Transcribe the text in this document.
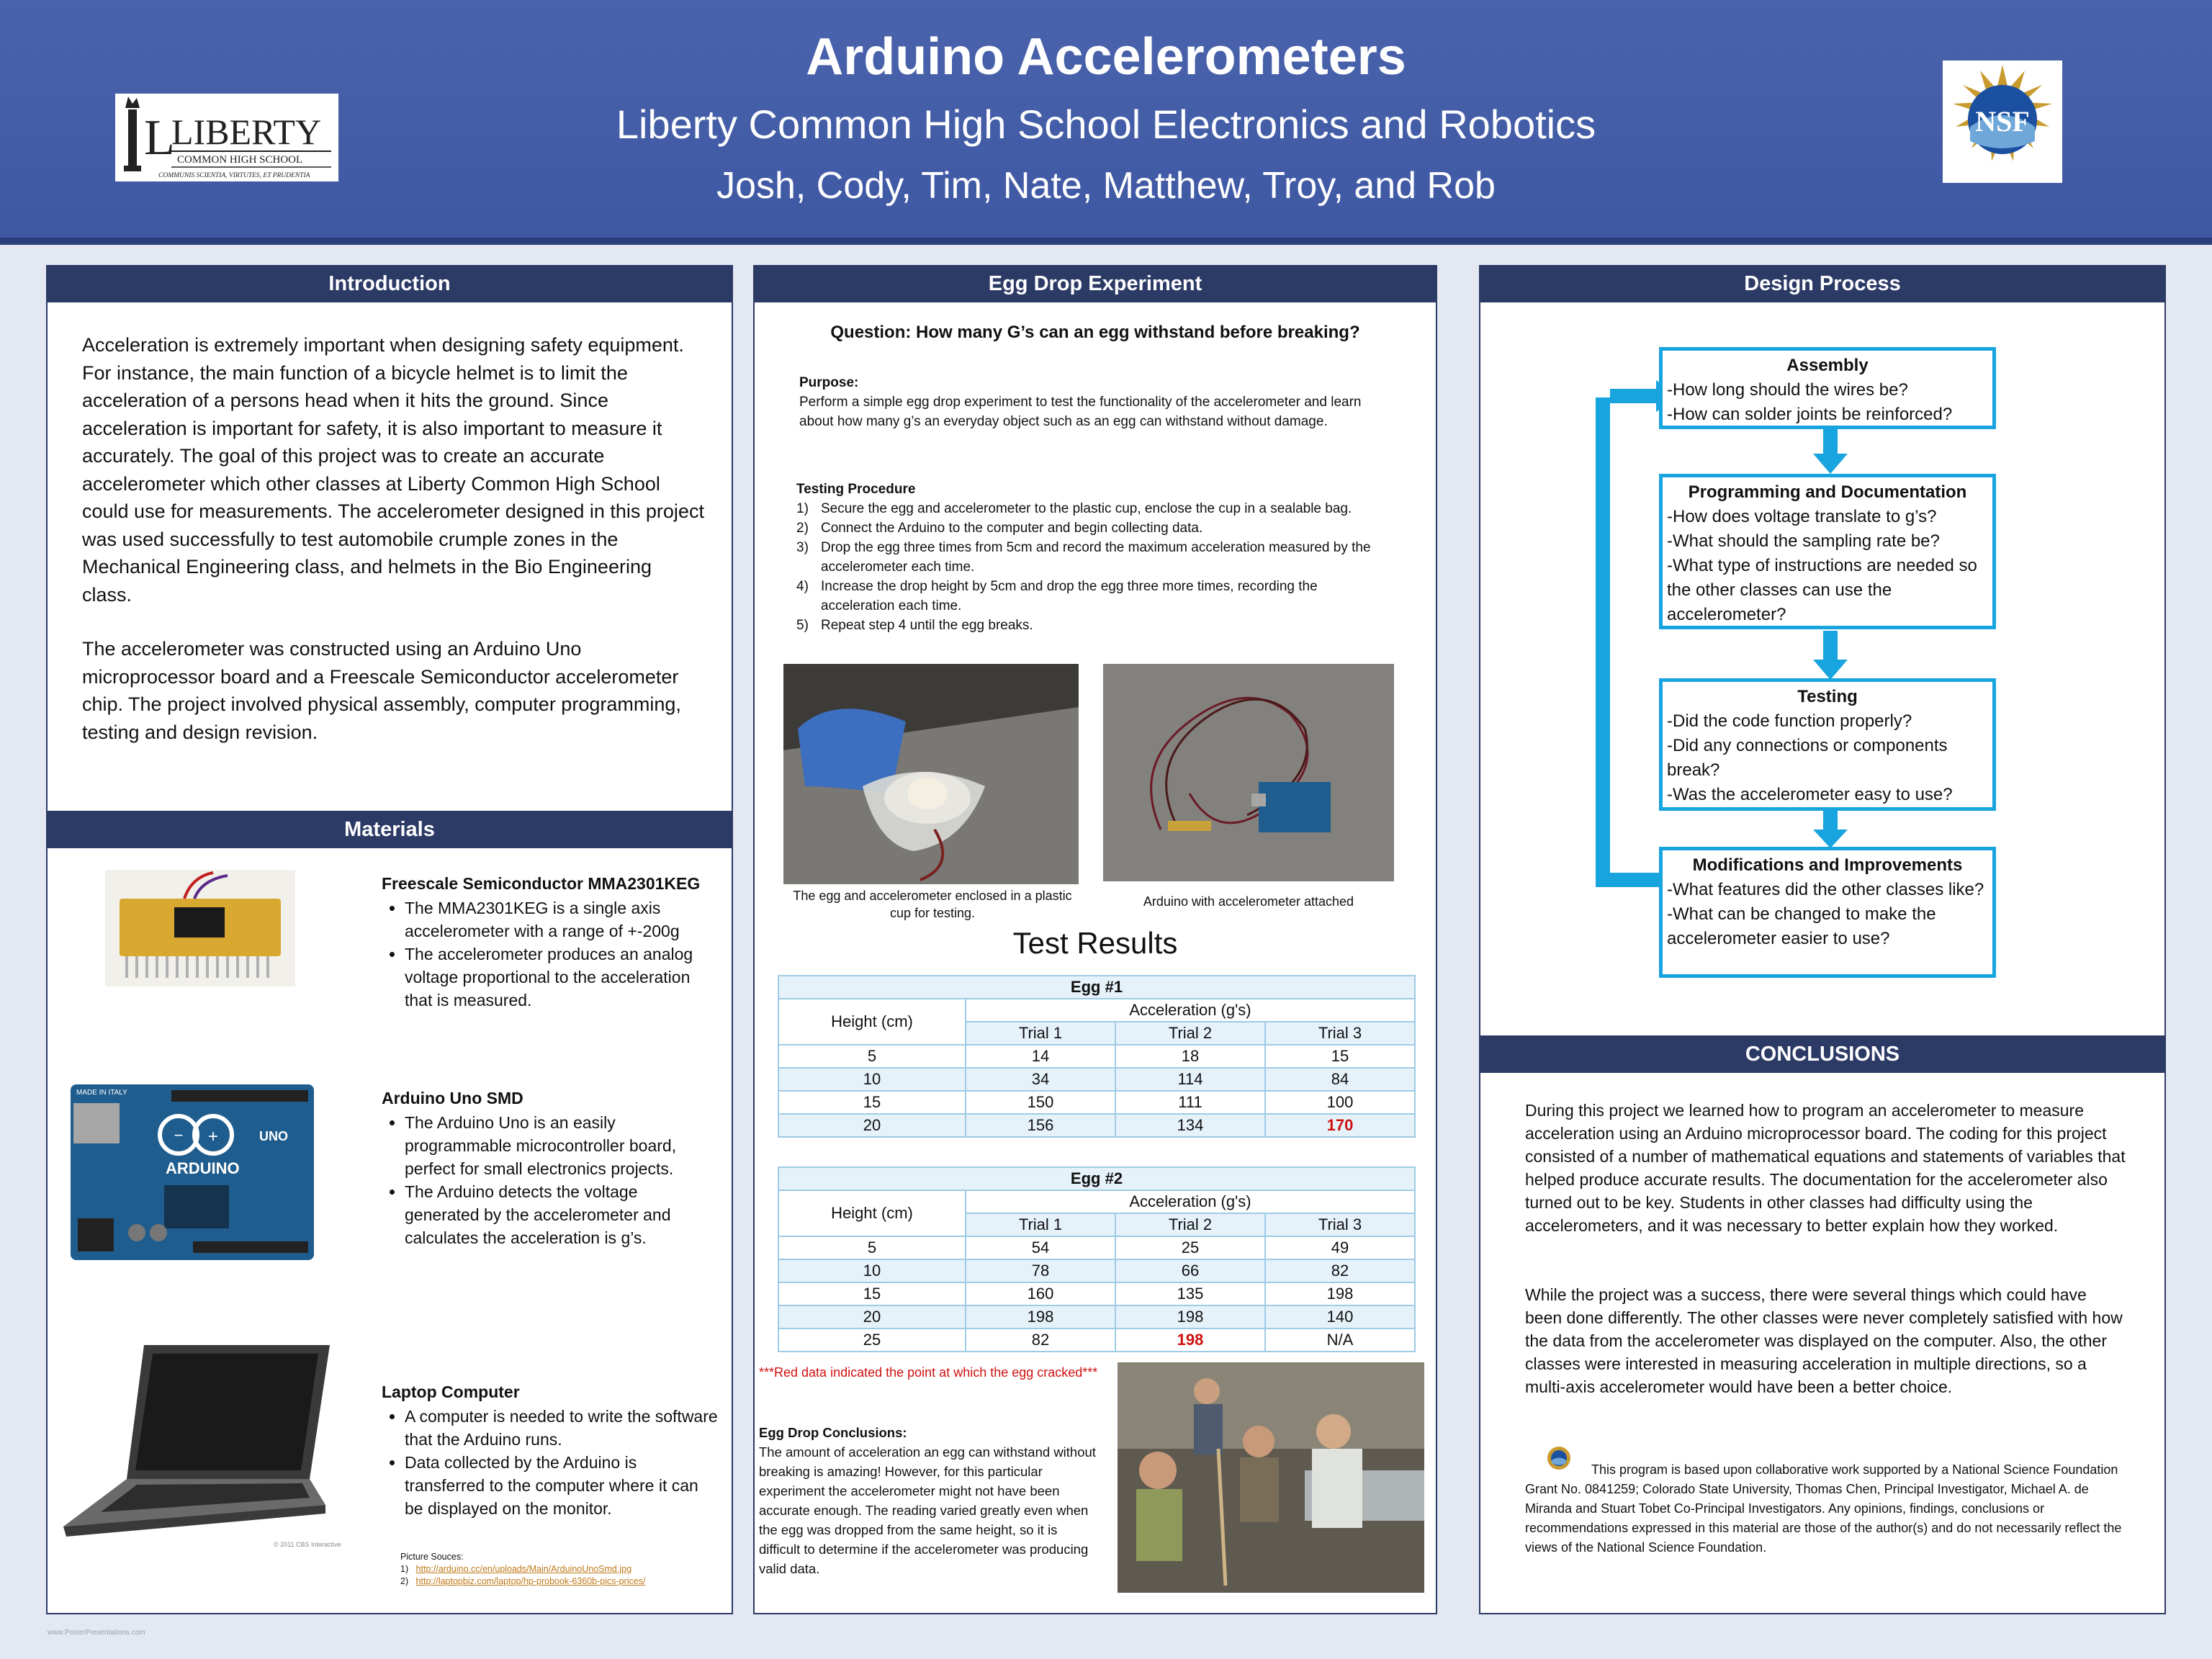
Arduino Accelerometers
Liberty Common High School Electronics and Robotics
Josh, Cody, Tim, Nate, Matthew, Troy, and Rob
L
LIBERTY
COMMON HIGH SCHOOL
COMMUNIS SCIENTIA, VIRTUTES, ET PRUDENTIA
NSF
Introduction
Acceleration is extremely important when designing safety equipment. For instance, the main function of a bicycle helmet is to limit the acceleration of a persons head when it hits the ground. Since acceleration is important for safety, it is also important to measure it accurately. The goal of this project was to create an accurate accelerometer which other classes at Liberty Common High School could use for measurements. The accelerometer designed in this project was used successfully to test automobile crumple zones in the Mechanical Engineering class, and helmets in the Bio Engineering class.
The accelerometer was constructed using an Arduino Uno microprocessor board and a Freescale Semiconductor accelerometer chip. The project involved physical assembly, computer programming, testing and design revision.
Materials
Freescale Semiconductor MMA2301KEG
• The MMA2301KEG is a single axis accelerometer with a range of +-200g
• The accelerometer produces an analog voltage proportional to the acceleration that is measured.
− +
ARDUINO
UNO
MADE IN ITALY	Arduino Uno SMD
• The Arduino Uno is an easily programmable microcontroller board, perfect for small electronics projects.
• The Arduino detects the voltage generated by the accelerometer and calculates the acceleration is g’s.
© 2011 CBS Interactive
Laptop Computer
• A computer is needed to write the software that the Arduino runs.
• Data collected by the Arduino is transferred to the computer where it can be displayed on the monitor.
Picture Souces:
1)   http://arduino.cc/en/uploads/Main/ArduinoUnoSmd.jpg
2)   http://laptopbiz.com/laptop/hp-probook-6360b-pics-prices/
Egg Drop Experiment
Question: How many G’s can an egg withstand before breaking?
Purpose:
Perform a simple egg drop experiment to test the functionality of the accelerometer and learn about how many g’s an everyday object such as an egg can withstand without damage.
Testing Procedure
1) Secure the egg and accelerometer to the plastic cup, enclose the cup in a sealable bag.
2) Connect the Arduino to the computer and begin collecting data.
3) Drop the egg three times from 5cm and record the maximum acceleration measured by the accelerometer each time.
4) Increase the drop height by 5cm and drop the egg three more times, recording the acceleration each time.
5) Repeat step 4 until the egg breaks.
The egg and accelerometer enclosed in a plastic cup for testing.
Arduino with accelerometer attached
Test Results
Egg #1			
Height (cm)	Acceleration (g's)		
	Trial 1	Trial 2	Trial 3
5	14	18	15
10	34	114	84
15	150	111	100
20	156	134	170
Egg #2			
Height (cm)	Acceleration (g's)		
	Trial 1	Trial 2	Trial 3
5	54	25	49
10	78	66	82
15	160	135	198
20	198	198	140
25	82	198	N/A
***Red data indicated the point at which the egg cracked***
Egg Drop Conclusions:
The amount of acceleration an egg can withstand without breaking is amazing! However, for this particular experiment the accelerometer might not have been accurate enough. The reading varied greatly even when the egg was dropped from the same height, so it is difficult to determine if the accelerometer was producing valid data.
Design Process
Assembly
-How long should the wires be?
-How can solder joints be reinforced?
Programming and Documentation
-How does voltage translate to g’s?
-What should the sampling rate be?
-What type of instructions are needed so the other classes can use the accelerometer?
Testing
-Did the code function properly?
-Did any connections or components break?
-Was the accelerometer easy to use?
Modifications and Improvements
-What features did the other classes like?
-What can be changed to make the accelerometer easier to use?
CONCLUSIONS
During this project we learned how to program an accelerometer to measure acceleration using an Arduino microprocessor board. The coding for this project consisted of a number of mathematical equations and statements of variables that helped produce accurate results. The documentation for the accelerometer also turned out to be key. Students in other classes had difficulty using the accelerometers, and it was necessary to better explain how they worked.
While the project was a success, there were several things which could have been done differently. The other classes were never completely satisfied with how the data from the accelerometer was displayed on the computer. Also, the other classes were interested in measuring acceleration in multiple directions, so a multi-axis accelerometer would have been a better choice.
This program is based upon collaborative work supported by a National Science Foundation Grant No. 0841259; Colorado State University, Thomas Chen, Principal Investigator, Michael A. de Miranda and Stuart Tobet Co-Principal Investigators. Any opinions, findings, conclusions or recommendations expressed in this material are those of the author(s) and do not necessarily reflect the views of the National Science Foundation.
www.PosterPresentations.com
